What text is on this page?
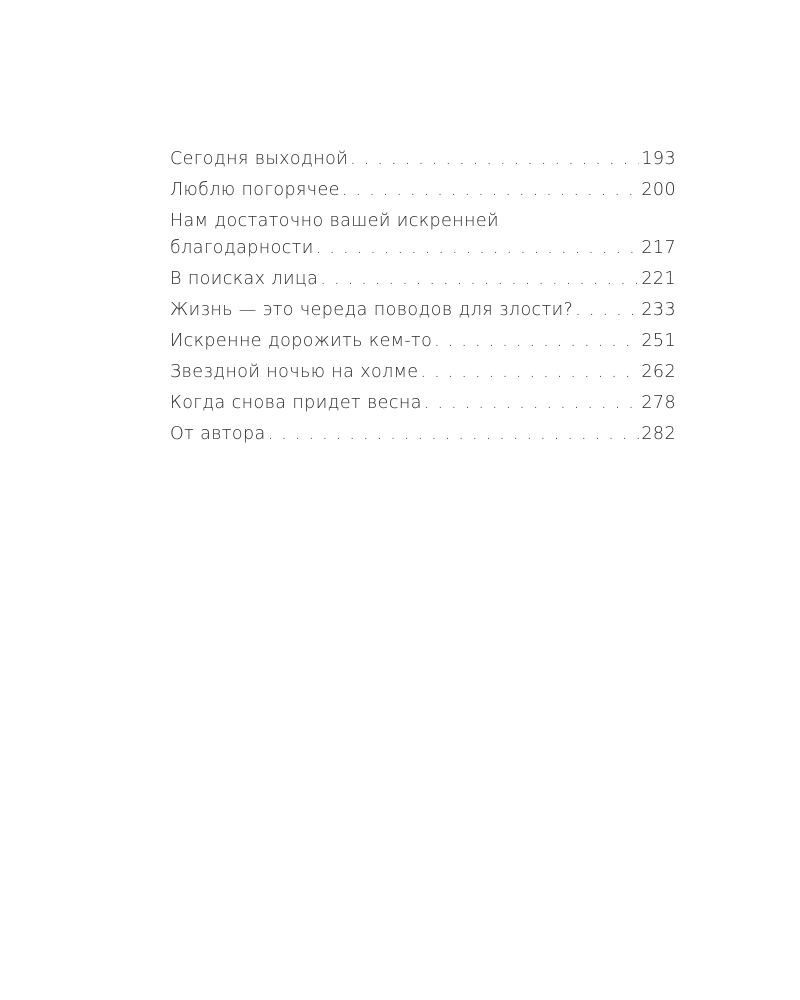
Сегодня выходной . . .	193
Люблю погорячее . . .	200
Нам достаточно вашей искренней
благодарности . . .	217
В поисках лица . . .	221
Жизнь — это череда поводов для злости? . . .	233
Искренне дорожить кем-то . . .	251
Звездной ночью на холме . . .	262
Когда снова придет весна . . .	278
От автора . . .	282
